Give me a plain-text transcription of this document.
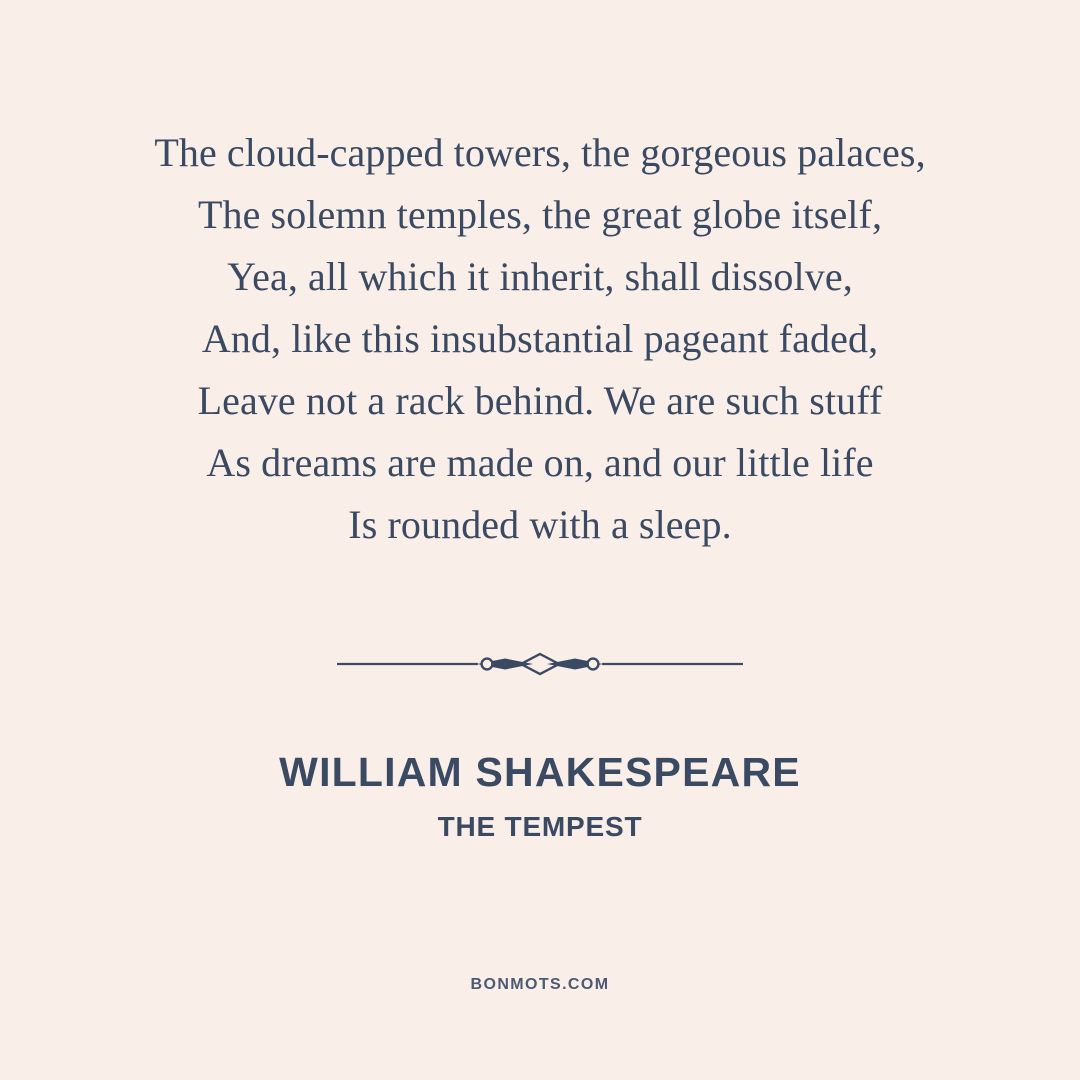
The cloud-capped towers, the gorgeous palaces,
The solemn temples, the great globe itself,
Yea, all which it inherit, shall dissolve,
And, like this insubstantial pageant faded,
Leave not a rack behind. We are such stuff
As dreams are made on, and our little life
Is rounded with a sleep.
WILLIAM SHAKESPEARE
THE TEMPEST
BONMOTS.COM
